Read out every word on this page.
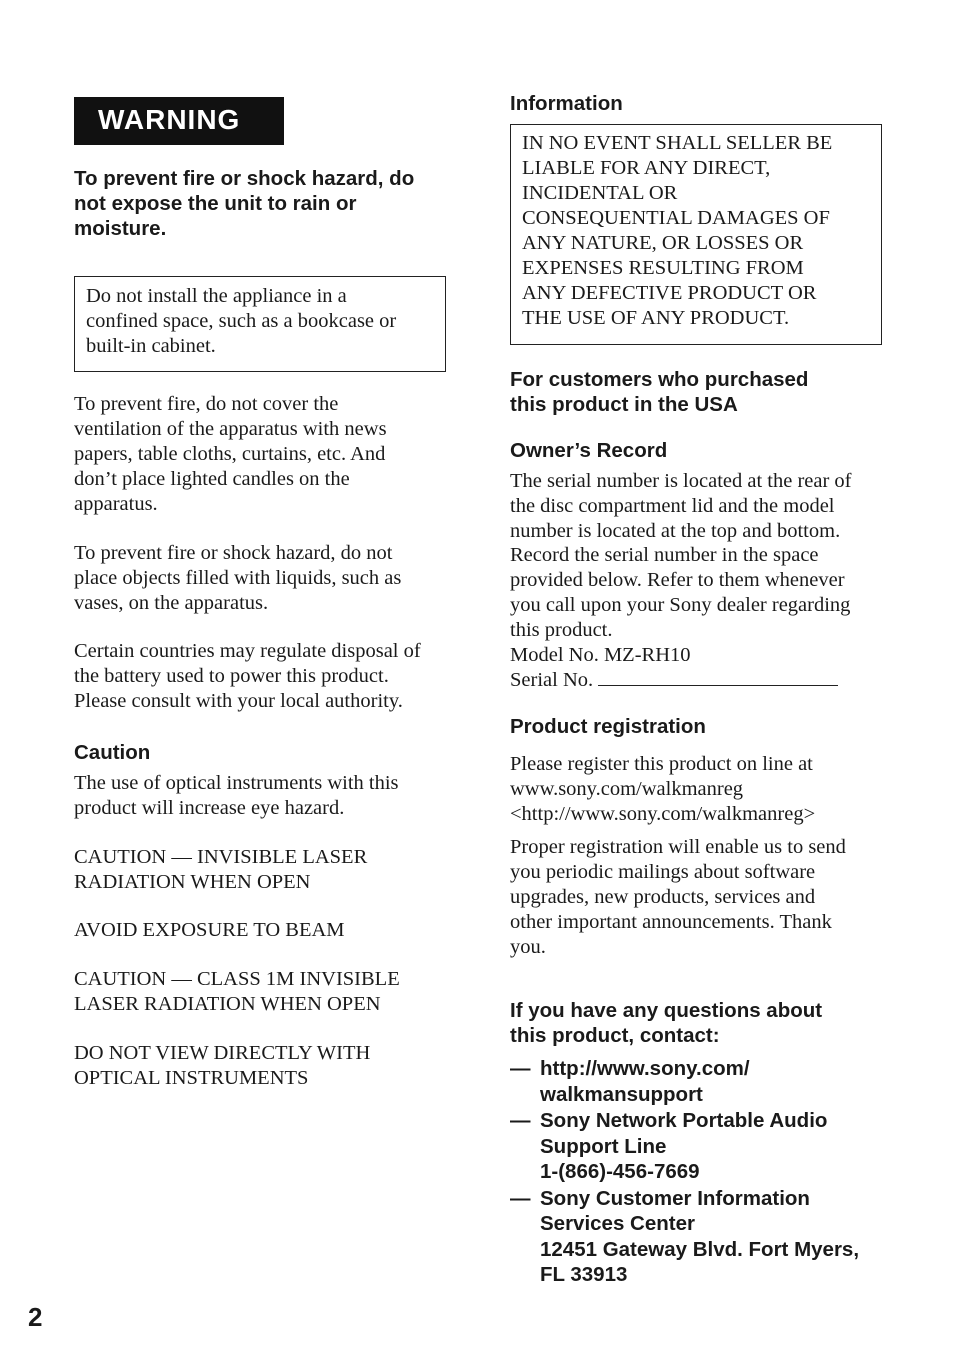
WARNING
To prevent fire or shock hazard, do
not expose the unit to rain or
moisture.
Do not install the appliance in a
confined space, such as a bookcase or
built-in cabinet.
To prevent fire, do not cover the
ventilation of the apparatus with news
papers, table cloths, curtains, etc. And
don’t place lighted candles on the
apparatus.
To prevent fire or shock hazard, do not
place objects filled with liquids, such as
vases, on the apparatus.
Certain countries may regulate disposal of
the battery used to power this product.
Please consult with your local authority.
Caution
The use of optical instruments with this
product will increase eye hazard.
CAUTION — INVISIBLE LASER
RADIATION WHEN OPEN
AVOID EXPOSURE TO BEAM
CAUTION — CLASS 1M INVISIBLE
LASER RADIATION WHEN OPEN
DO NOT VIEW DIRECTLY WITH
OPTICAL INSTRUMENTS
Information
IN NO EVENT SHALL SELLER BE
LIABLE FOR ANY DIRECT,
INCIDENTAL OR
CONSEQUENTIAL DAMAGES OF
ANY NATURE, OR LOSSES OR
EXPENSES RESULTING FROM
ANY DEFECTIVE PRODUCT OR
THE USE OF ANY PRODUCT.
For customers who purchased
this product in the USA
Owner’s Record
The serial number is located at the rear of
the disc compartment lid and the model
number is located at the top and bottom.
Record the serial number in the space
provided below. Refer to them whenever
you call upon your Sony dealer regarding
this product.
Model No. MZ-RH10
Serial No.
Product registration
Please register this product on line at
www.sony.com/walkmanreg
<http://www.sony.com/walkmanreg>
Proper registration will enable us to send
you periodic mailings about software
upgrades, new products, services and
other important announcements. Thank
you.
If you have any questions about
this product, contact:
— http://www.sony.com/
walkmansupport
— Sony Network Portable Audio
Support Line
1-(866)-456-7669
— Sony Customer Information
Services Center
12451 Gateway Blvd. Fort Myers,
FL 33913
2
